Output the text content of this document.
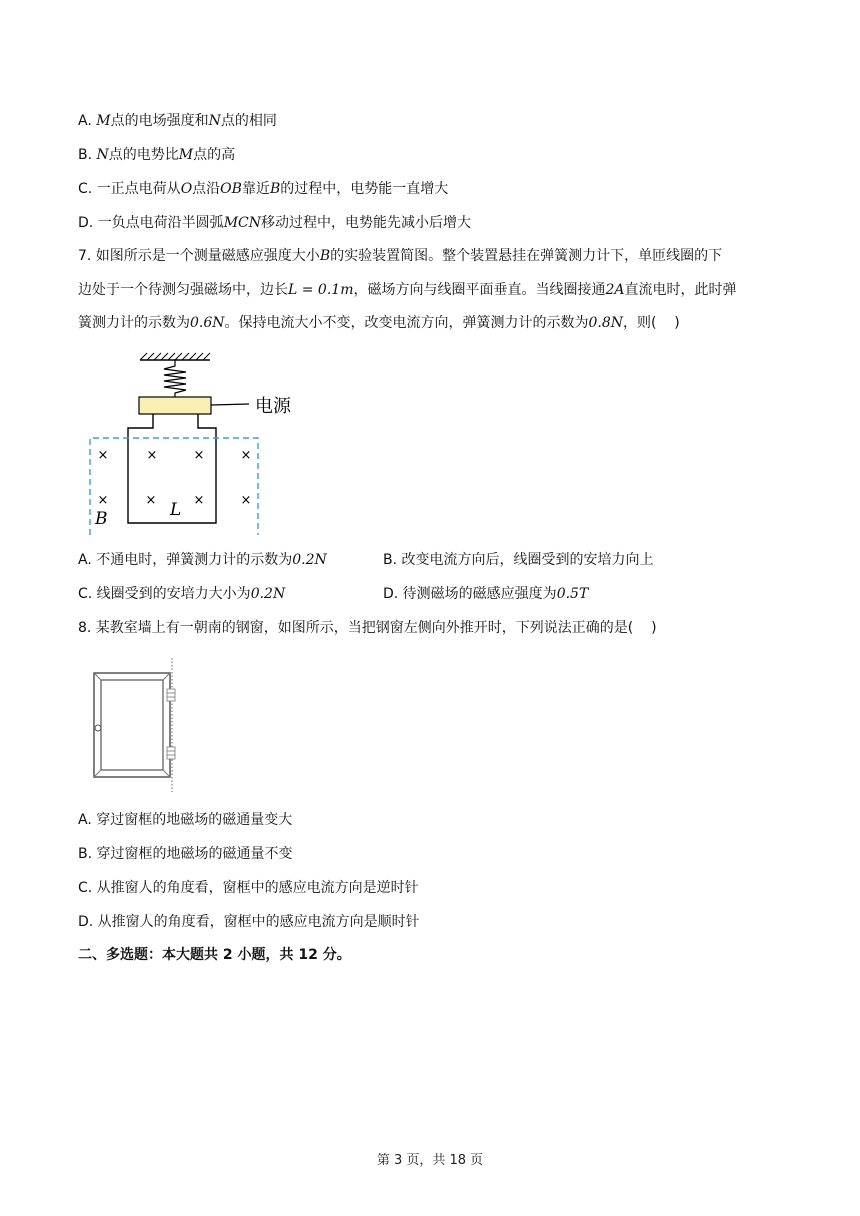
A. M点的电场强度和N点的相同
B. N点的电势比M点的高
C. 一正点电荷从O点沿OB靠近B的过程中，电势能一直增大
D. 一负点电荷沿半圆弧MCN移动过程中，电势能先减小后增大
7. 如图所示是一个测量磁感应强度大小B的实验装置简图。整个装置悬挂在弹簧测力计下，单匝线圈的下
边处于一个待测匀强磁场中，边长L = 0.1m，磁场方向与线圈平面垂直。当线圈接通2A直流电时，此时弹
簧测力计的示数为0.6N。保持电流大小不变，改变电流方向，弹簧测力计的示数为0.8N，则(    )
电源
×	×	×	×
×	×	×	×
B	L
A. 不通电时，弹簧测力计的示数为0.2N	B. 改变电流方向后，线圈受到的安培力向上
C. 线圈受到的安培力大小为0.2N	D. 待测磁场的磁感应强度为0.5T
8. 某教室墙上有一朝南的钢窗，如图所示，当把钢窗左侧向外推开时，下列说法正确的是(    )
A. 穿过窗框的地磁场的磁通量变大
B. 穿过窗框的地磁场的磁通量不变
C. 从推窗人的角度看，窗框中的感应电流方向是逆时针
D. 从推窗人的角度看，窗框中的感应电流方向是顺时针
二、多选题：本大题共 2 小题，共 12 分。
第 3 页，共 18 页
